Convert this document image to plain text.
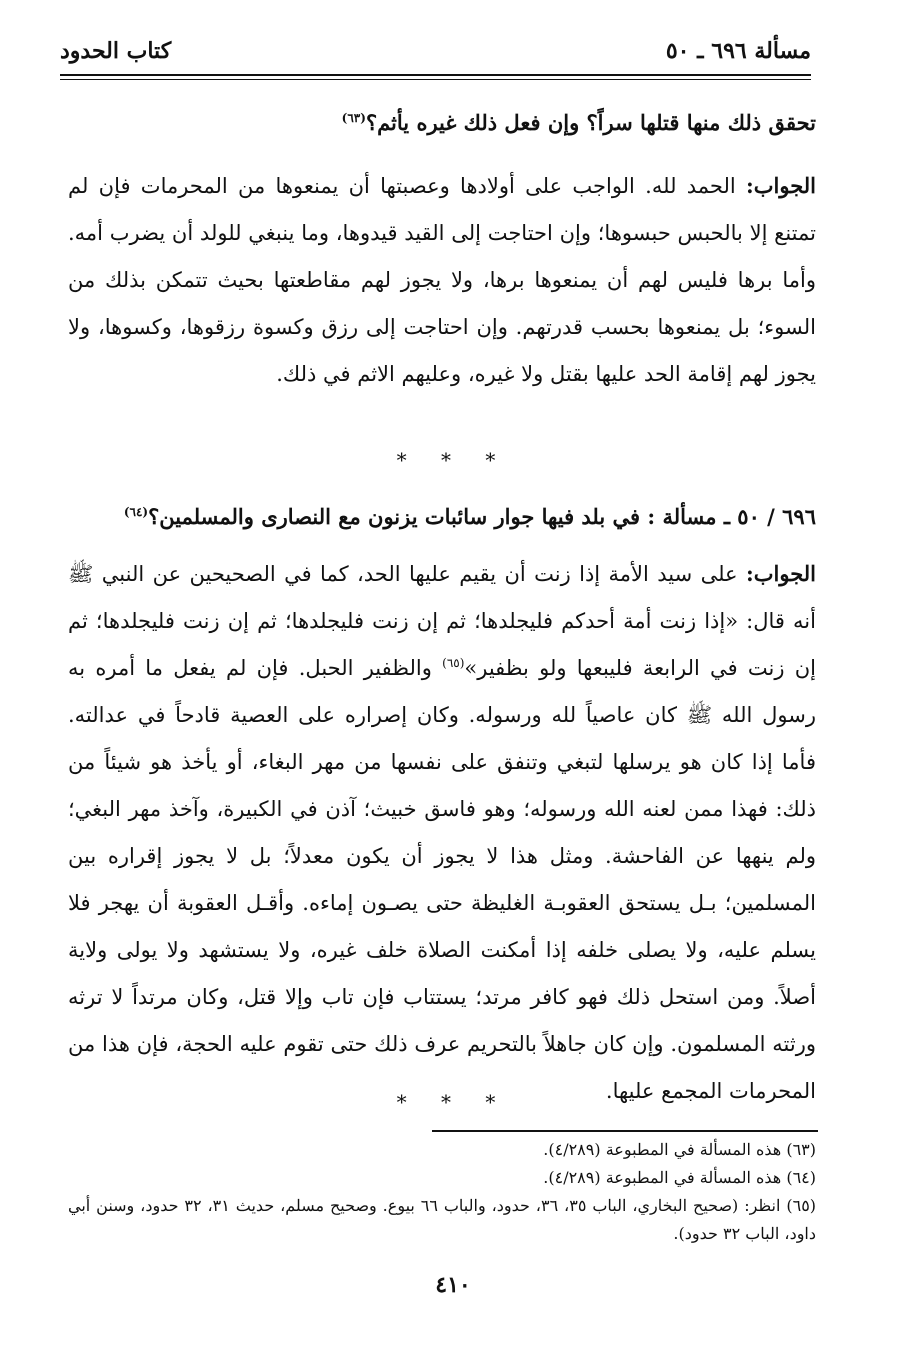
مسألة ٦٩٦ ـ ٥٠
كتاب الحدود
تحقق ذلك منها قتلها سراً؟ وإن فعل ذلك غيره يأثم؟$^{(٦٣)}$
الجواب: الحمد لله. الواجب على أولادها وعصبتها أن يمنعوها من المحرمات فإن لم تمتنع إلا بالحبس حبسوها؛ وإن احتاجت إلى القيد قيدوها، وما ينبغي للولد أن يضرب أمه. وأما برها فليس لهم أن يمنعوها برها، ولا يجوز لهم مقاطعتها بحيث تتمكن بذلك من السوء؛ بل يمنعوها بحسب قدرتهم. وإن احتاجت إلى رزق وكسوة رزقوها، وكسوها، ولا يجوز لهم إقامة الحد عليها بقتل ولا غيره، وعليهم الاثم في ذلك.
* * *
٦٩٦ / ٥٠ ـ مسألة : في بلد فيها جوار سائبات يزنون مع النصارى والمسلمين؟$^{(٦٤)}$
الجواب: على سيد الأمة إذا زنت أن يقيم عليها الحد، كما في الصحيحين عن النبي ﷺ أنه قال: «إذا زنت أمة أحدكم فليجلدها؛ ثم إن زنت فليجلدها؛ ثم إن زنت فليجلدها؛ ثم إن زنت في الرابعة فليبعها ولو بظفير»$^{(٦٥)}$ والظفير الحبل. فإن لم يفعل ما أمره به رسول الله ﷺ كان عاصياً لله ورسوله. وكان إصراره على العصية قادحاً في عدالته. فأما إذا كان هو يرسلها لتبغي وتنفق على نفسها من مهر البغاء، أو يأخذ هو شيئاً من ذلك: فهذا ممن لعنه الله ورسوله؛ وهو فاسق خبيث؛ آذن في الكبيرة، وآخذ مهر البغي؛ ولم ينهها عن الفاحشة. ومثل هذا لا يجوز أن يكون معدلاً؛ بل لا يجوز إقراره بين المسلمين؛ بـل يستحق العقوبـة الغليظة حتى يصـون إماءه. وأقـل العقوبة أن يهجر فلا يسلم عليه، ولا يصلى خلفه إذا أمكنت الصلاة خلف غيره، ولا يستشهد ولا يولى ولاية أصلاً. ومن استحل ذلك فهو كافر مرتد؛ يستتاب فإن تاب وإلا قتل، وكان مرتداً لا ترثه ورثته المسلمون. وإن كان جاهلاً بالتحريم عرف ذلك حتى تقوم عليه الحجة، فإن هذا من المحرمات المجمع عليها.
* * *
(٦٣) هذه المسألة في المطبوعة (٤/٢٨٩).
(٦٤) هذه المسألة في المطبوعة (٤/٢٨٩).
(٦٥) انظر: (صحيح البخاري، الباب ٣٥، ٣٦، حدود، والباب ٦٦ بيوع. وصحيح مسلم، حديث ٣١، ٣٢ حدود، وسنن أبي داود، الباب ٣٢ حدود).
٤١٠
